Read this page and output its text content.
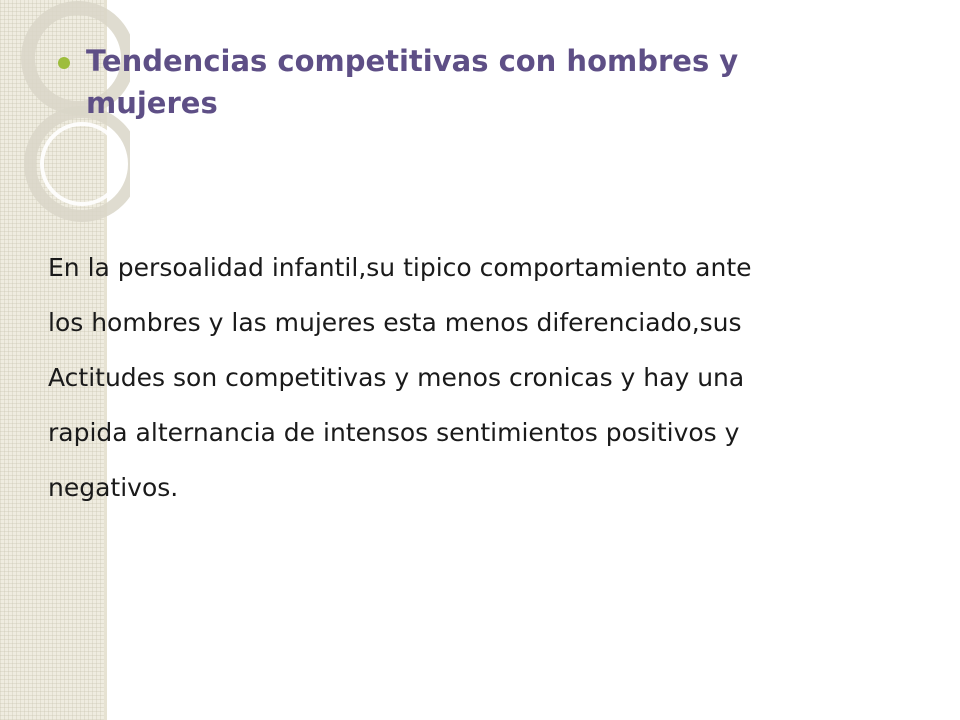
Tendencias competitivas con hombres y mujeres
En la persoalidad infantil,su tipico comportamiento ante
los hombres y las mujeres esta menos diferenciado,sus
Actitudes son competitivas y menos cronicas y hay una
rapida alternancia de intensos sentimientos positivos y
negativos.
